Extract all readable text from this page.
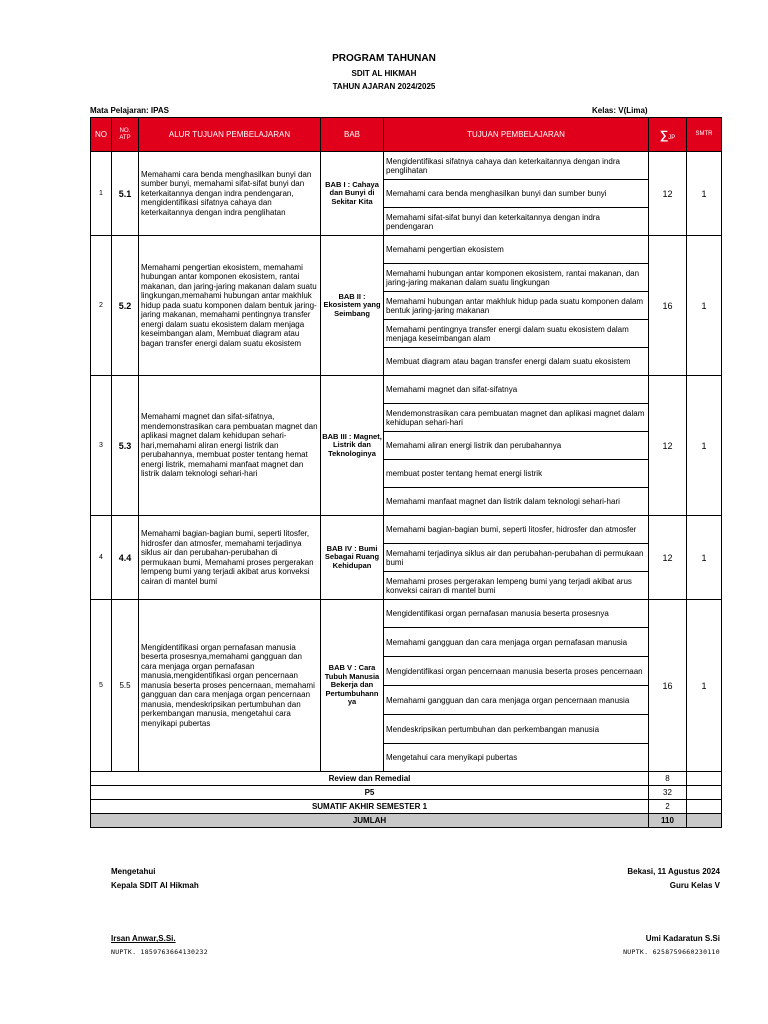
PROGRAM TAHUNAN
SDIT AL HIKMAH
TAHUN AJARAN 2024/2025
Mata Pelajaran: IPAS	Kelas: V(Lima)
NO	NO. ATP	ALUR TUJUAN PEMBELAJARAN	BAB	TUJUAN PEMBELAJARAN	∑JP	SMTR
1	5.1	Memahami cara benda menghasilkan bunyi dan sumber bunyi, memahami sifat-sifat bunyi dan keterkaitannya dengan indra pendengaran, mengidentifikasi sifatnya cahaya dan keterkaitannya dengan indra penglihatan	BAB I : Cahaya dan Bunyi di Sekitar Kita	Mengidentifikasi sifatnya cahaya dan keterkaitannya dengan indra penglihatan	12	1
				Memahami cara benda menghasilkan bunyi dan sumber bunyi		
				Memahami sifat-sifat bunyi dan keterkaitannya dengan indra pendengaran		
2	5.2	Memahami pengertian ekosistem, memahami hubungan antar komponen ekosistem, rantai makanan, dan jaring-jaring makanan dalam suatu lingkungan,memahami hubungan antar makhluk hidup pada suatu komponen dalam bentuk jaring-jaring makanan, memahami pentingnya transfer energi dalam suatu ekosistem dalam menjaga keseimbangan alam, Membuat diagram atau bagan transfer energi dalam suatu ekosistem	BAB II : Ekosistem yang Seimbang	Memahami pengertian ekosistem	16	1
				Memahami hubungan antar komponen ekosistem, rantai makanan, dan jaring-jaring makanan dalam suatu lingkungan		
				Memahami hubungan antar makhluk hidup pada suatu komponen dalam bentuk jaring-jaring makanan		
				Memahami pentingnya transfer energi dalam suatu ekosistem dalam menjaga keseimbangan alam		
				Membuat diagram atau bagan transfer energi dalam suatu ekosistem		
3	5.3	Memahami magnet dan sifat-sifatnya, mendemonstrasikan cara pembuatan magnet dan aplikasi magnet dalam kehidupan sehari-hari,memahami aliran energi listrik dan perubahannya, membuat poster tentang hemat energi listrik, memahami manfaat magnet dan listrik dalam teknologi sehari-hari	BAB III : Magnet, Listrik dan Teknologinya	Memahami magnet dan sifat-sifatnya	12	1
				Mendemonstrasikan cara pembuatan magnet dan aplikasi magnet dalam kehidupan sehari-hari		
				Memahami aliran energi listrik dan perubahannya		
				membuat poster tentang hemat energi listrik		
				Memahami manfaat magnet dan listrik dalam teknologi sehari-hari		
4	4.4	Memahami bagian-bagian bumi, seperti litosfer, hidrosfer dan atmosfer, memahami terjadinya siklus air dan perubahan-perubahan di permukaan bumi, Memahami proses pergerakan lempeng bumi yang terjadi akibat arus konveksi cairan di mantel bumi	BAB IV : Bumi Sebagai Ruang Kehidupan	Memahami bagian-bagian bumi, seperti litosfer, hidrosfer dan atmosfer	12	1
				Memahami terjadinya siklus air dan perubahan-perubahan di permukaan bumi		
				Memahami proses pergerakan lempeng bumi yang terjadi akibat arus konveksi cairan di mantel bumi		
5	5.5	Mengidentifikasi organ pernafasan manusia beserta prosesnya,memahami gangguan dan cara menjaga organ pernafasan manusia,mengidentifikasi organ pencernaan manusia beserta proses pencernaan, memahami gangguan dan cara menjaga organ pencernaan manusia, mendeskripsikan pertumbuhan dan perkembangan manusia, mengetahui cara menyikapi pubertas	BAB V : Cara Tubuh Manusia Bekerja dan Pertumbuhann ya	Mengidentifikasi organ pernafasan manusia beserta prosesnya	16	1
				Memahami gangguan dan cara menjaga organ pernafasan manusia		
				Mengidentifikasi organ pencernaan manusia beserta proses pencernaan		
				Memahami gangguan dan cara menjaga organ pencernaan manusia		
				Mendeskripsikan pertumbuhan dan perkembangan manusia		
				Mengetahui cara menyikapi pubertas		
Review dan Remedial					8	
P5					32	
SUMATIF AKHIR SEMESTER 1					2	
JUMLAH					110	
Mengetahui
Kepala SDIT Al Hikmah
Irsan Anwar,S.Si.
NUPTK. 1859763664130232
Bekasi, 11 Agustus 2024
Guru Kelas V
Umi Kadaratun S.Si
NUPTK. 6258759660230110
